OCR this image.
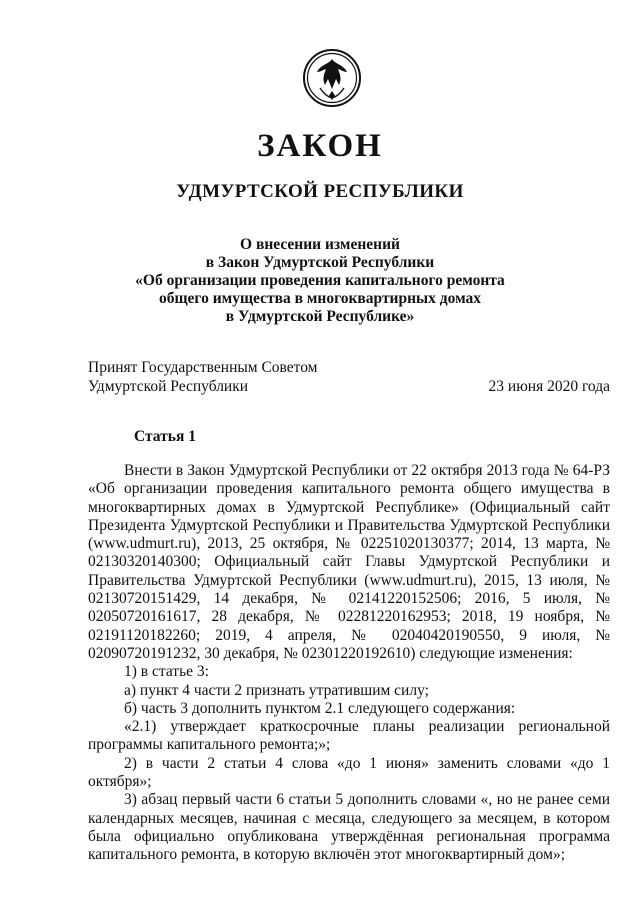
ЗАКОН
УДМУРТСКОЙ РЕСПУБЛИКИ
О внесении изменений
в Закон Удмуртской Республики
«Об организации проведения капитального ремонта
общего имущества в многоквартирных домах
в Удмуртской Республике»
Принят Государственным Советом
Удмуртской Республики	23 июня 2020 года
Статья 1

Внести в Закон Удмуртской Республики от 22 октября 2013 года № 64-РЗ «Об организации проведения капитального ремонта общего имущества в многоквартирных домах в Удмуртской Республике» (Официальный сайт Президента Удмуртской Республики и Правительства Удмуртской Республики (www.udmurt.ru), 2013, 25 октября, № 02251020130377; 2014, 13 марта, № 02130320140300; Официальный сайт Главы Удмуртской Республики и Правительства Удмуртской Республики (www.udmurt.ru), 2015, 13 июля, № 02130720151429, 14 декабря, № 02141220152506; 2016, 5 июля, № 02050720161617, 28 декабря, № 02281220162953; 2018, 19 ноября, № 02191120182260; 2019, 4 апреля, № 02040420190550, 9 июля, № 02090720191232, 30 декабря, № 02301220192610) следующие изменения:

1) в статье 3:

а) пункт 4 части 2 признать утратившим силу;

б) часть 3 дополнить пунктом 2.1 следующего содержания:

«2.1) утверждает краткосрочные планы реализации региональной программы капитального ремонта;»;

2) в части 2 статьи 4 слова «до 1 июня» заменить словами «до 1 октября»;

3) абзац первый части 6 статьи 5 дополнить словами «, но не ранее семи календарных месяцев, начиная с месяца, следующего за месяцем, в котором была официально опубликована утверждённая региональная программа капитального ремонта, в которую включён этот многоквартирный дом»;
